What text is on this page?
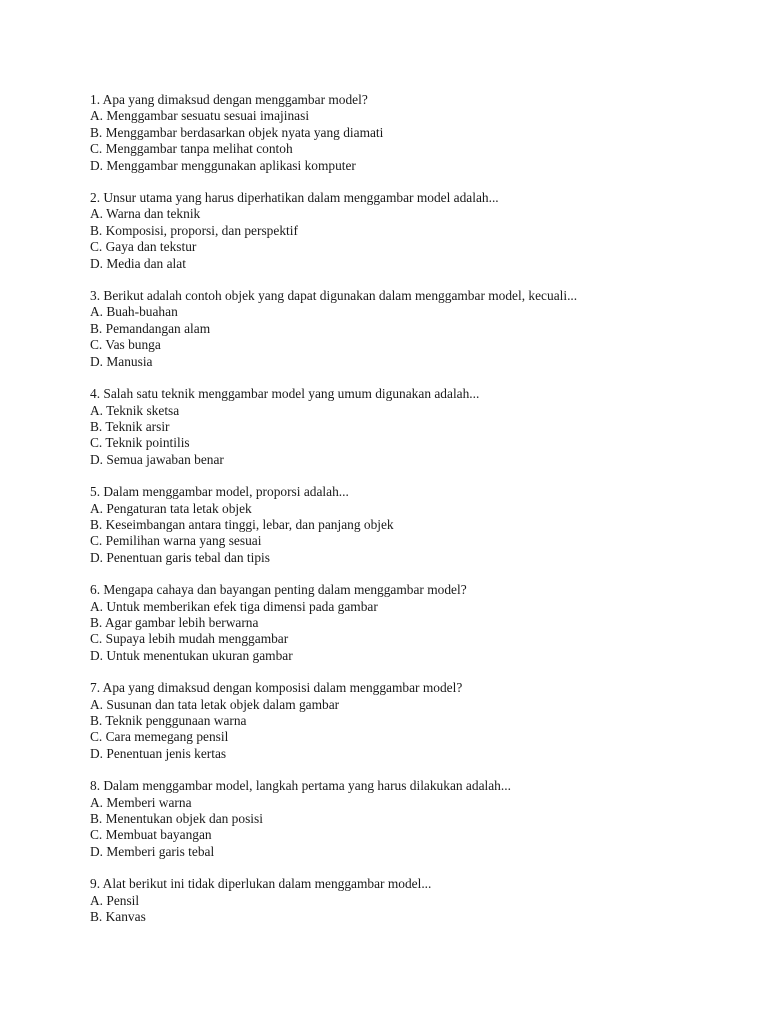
1. Apa yang dimaksud dengan menggambar model?
A. Menggambar sesuatu sesuai imajinasi
B. Menggambar berdasarkan objek nyata yang diamati
C. Menggambar tanpa melihat contoh
D. Menggambar menggunakan aplikasi komputer
2. Unsur utama yang harus diperhatikan dalam menggambar model adalah...
A. Warna dan teknik
B. Komposisi, proporsi, dan perspektif
C. Gaya dan tekstur
D. Media dan alat
3. Berikut adalah contoh objek yang dapat digunakan dalam menggambar model, kecuali...
A. Buah-buahan
B. Pemandangan alam
C. Vas bunga
D. Manusia
4. Salah satu teknik menggambar model yang umum digunakan adalah...
A. Teknik sketsa
B. Teknik arsir
C. Teknik pointilis
D. Semua jawaban benar
5. Dalam menggambar model, proporsi adalah...
A. Pengaturan tata letak objek
B. Keseimbangan antara tinggi, lebar, dan panjang objek
C. Pemilihan warna yang sesuai
D. Penentuan garis tebal dan tipis
6. Mengapa cahaya dan bayangan penting dalam menggambar model?
A. Untuk memberikan efek tiga dimensi pada gambar
B. Agar gambar lebih berwarna
C. Supaya lebih mudah menggambar
D. Untuk menentukan ukuran gambar
7. Apa yang dimaksud dengan komposisi dalam menggambar model?
A. Susunan dan tata letak objek dalam gambar
B. Teknik penggunaan warna
C. Cara memegang pensil
D. Penentuan jenis kertas
8. Dalam menggambar model, langkah pertama yang harus dilakukan adalah...
A. Memberi warna
B. Menentukan objek dan posisi
C. Membuat bayangan
D. Memberi garis tebal
9. Alat berikut ini tidak diperlukan dalam menggambar model...
A. Pensil
B. Kanvas
